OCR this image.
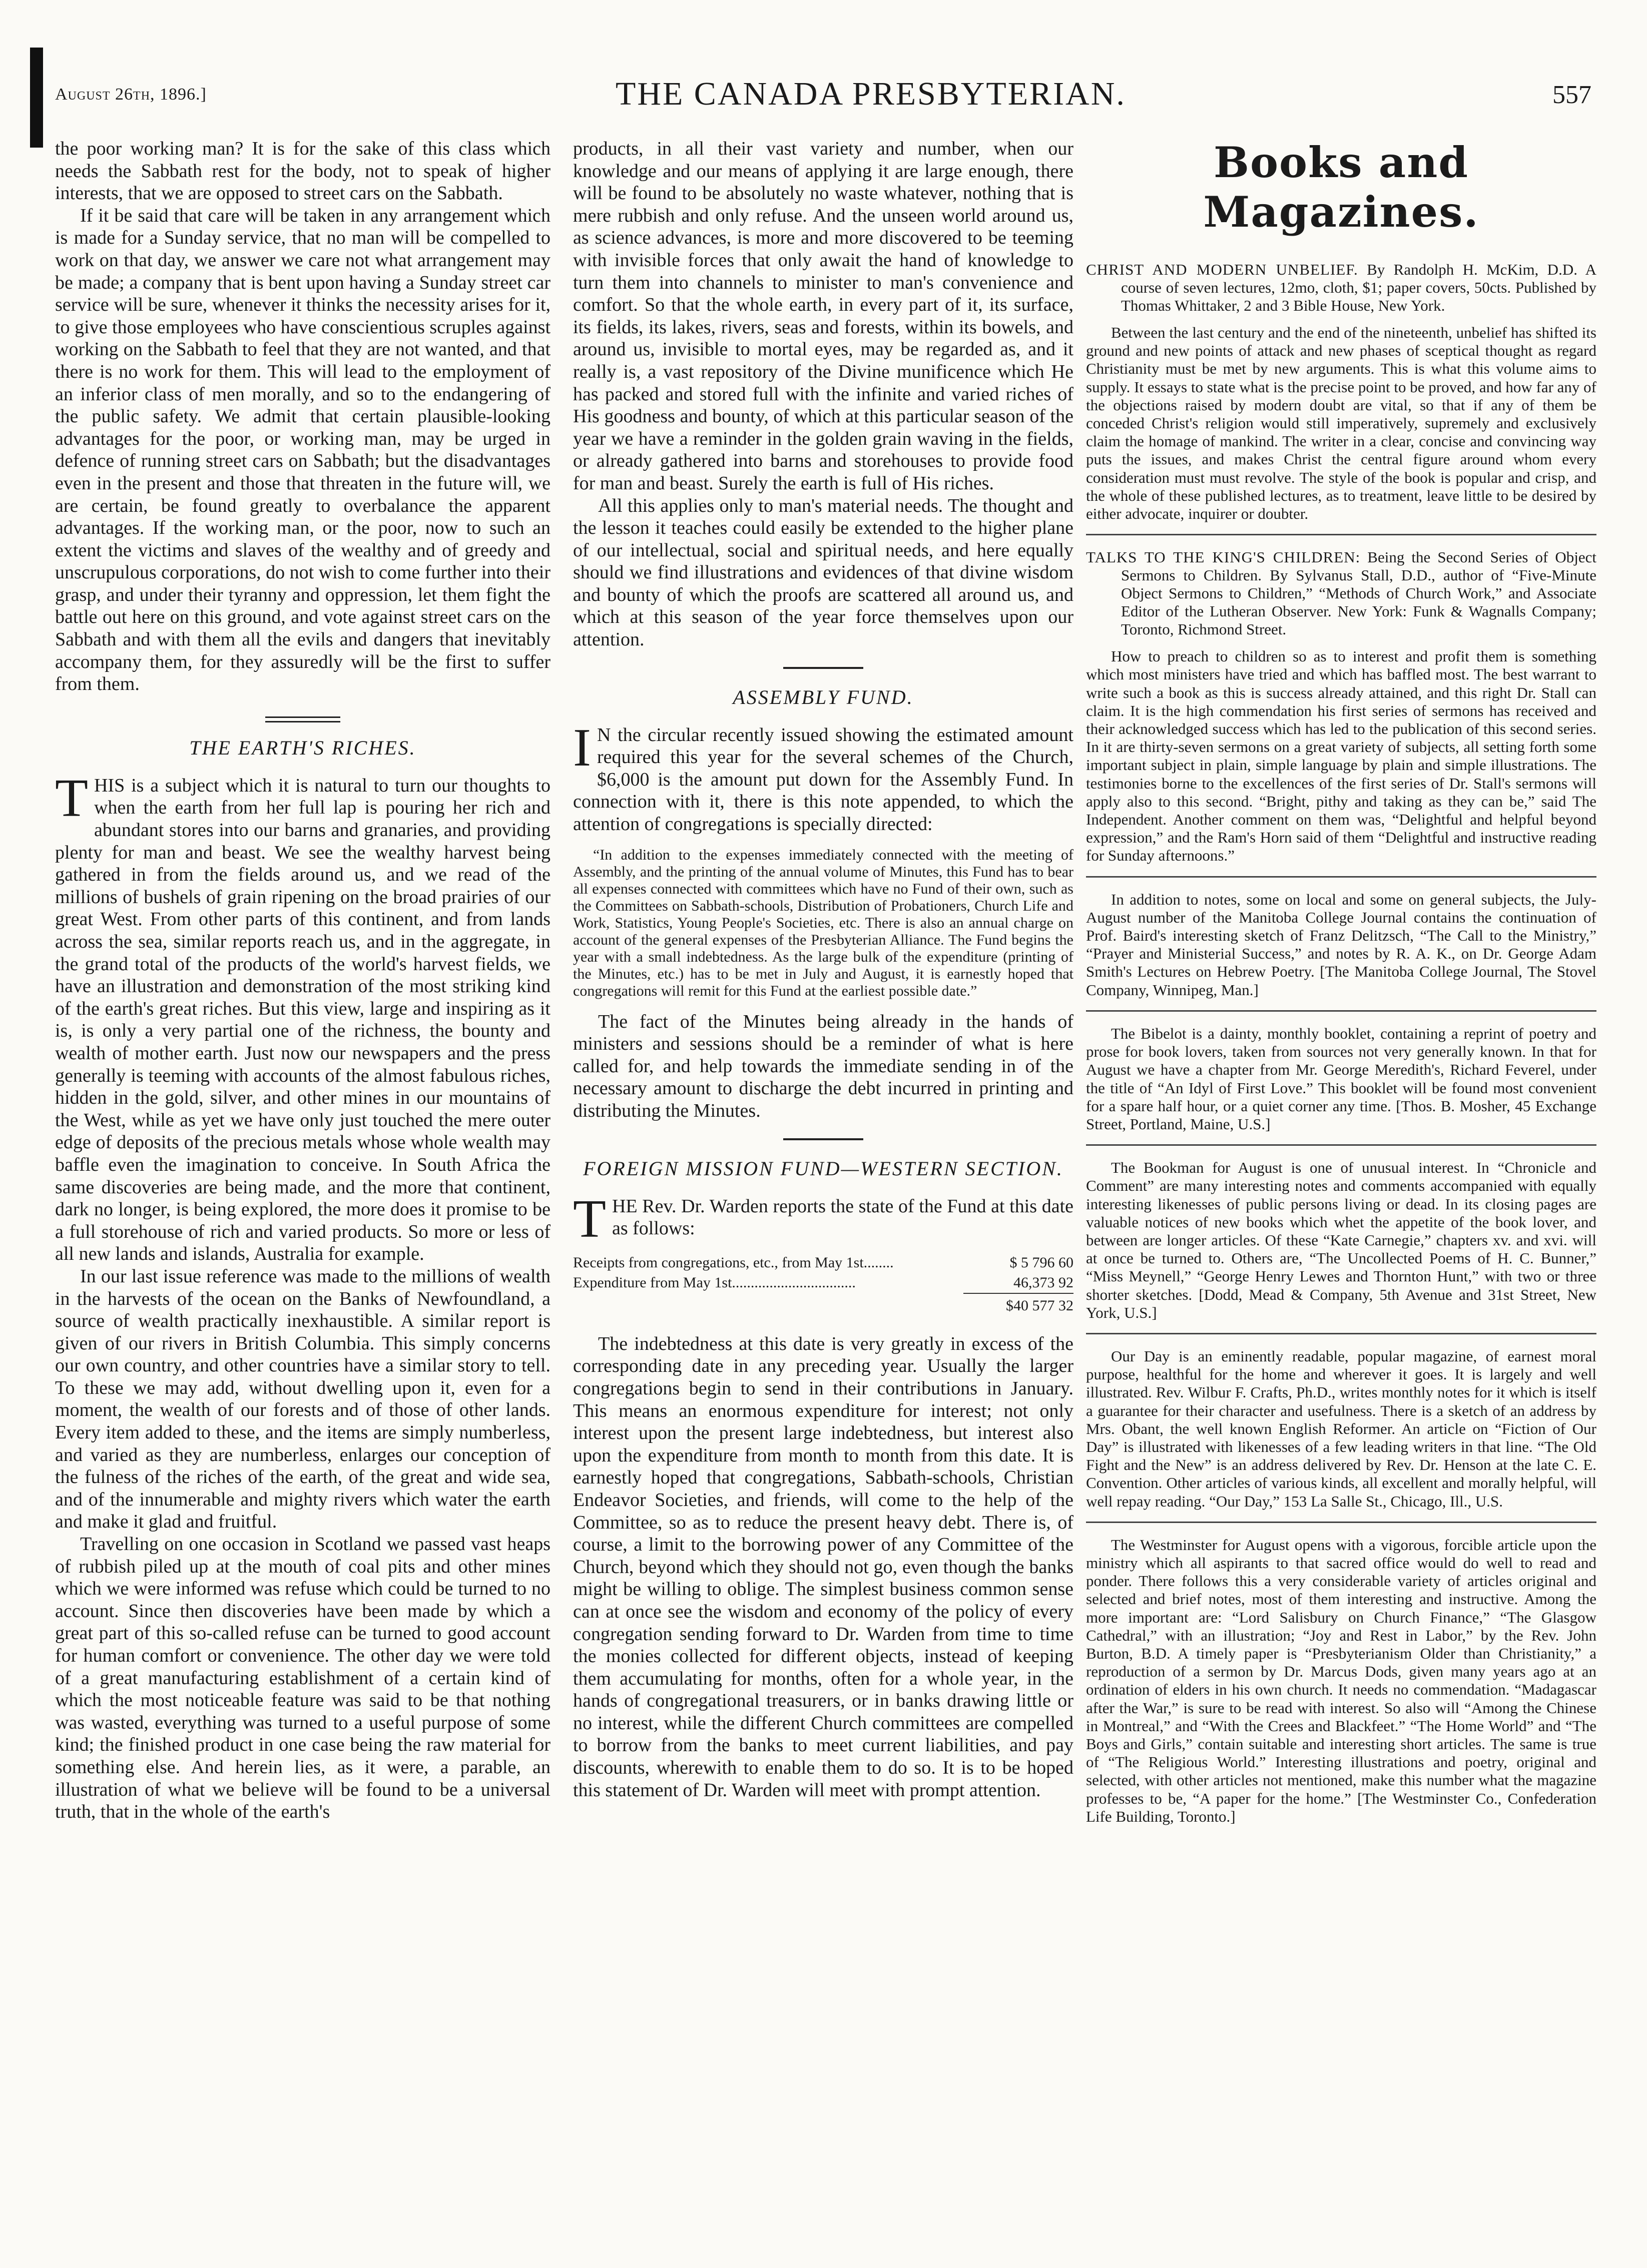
August 26th, 1896.]	THE CANADA PRESBYTERIAN.	557

the poor working man? It is for the sake of this class which needs the Sabbath rest for the body, not to speak of higher interests, that we are opposed to street cars on the Sabbath.

If it be said that care will be taken in any arrangement which is made for a Sunday service, that no man will be compelled to work on that day, we answer we care not what arrangement may be made; a company that is bent upon having a Sunday street car service will be sure, whenever it thinks the necessity arises for it, to give those employees who have conscientious scruples against working on the Sabbath to feel that they are not wanted, and that there is no work for them. This will lead to the employment of an inferior class of men morally, and so to the endangering of the public safety. We admit that certain plausible-looking advantages for the poor, or working man, may be urged in defence of running street cars on Sabbath; but the disadvantages even in the present and those that threaten in the future will, we are certain, be found greatly to overbalance the apparent advantages. If the working man, or the poor, now to such an extent the victims and slaves of the wealthy and of greedy and unscrupulous corporations, do not wish to come further into their grasp, and under their tyranny and oppression, let them fight the battle out here on this ground, and vote against street cars on the Sabbath and with them all the evils and dangers that inevitably accompany them, for they assuredly will be the first to suffer from them.

THE EARTH'S RICHES.

THIS is a subject which it is natural to turn our thoughts to when the earth from her full lap is pouring her rich and abundant stores into our barns and granaries, and providing plenty for man and beast. We see the wealthy harvest being gathered in from the fields around us, and we read of the millions of bushels of grain ripening on the broad prairies of our great West. From other parts of this continent, and from lands across the sea, similar reports reach us, and in the aggregate, in the grand total of the products of the world's harvest fields, we have an illustration and demonstration of the most striking kind of the earth's great riches. But this view, large and inspiring as it is, is only a very partial one of the richness, the bounty and wealth of mother earth. Just now our newspapers and the press generally is teeming with accounts of the almost fabulous riches, hidden in the gold, silver, and other mines in our mountains of the West, while as yet we have only just touched the mere outer edge of deposits of the precious metals whose whole wealth may baffle even the imagination to conceive. In South Africa the same discoveries are being made, and the more that continent, dark no longer, is being explored, the more does it promise to be a full storehouse of rich and varied products. So more or less of all new lands and islands, Australia for example.

In our last issue reference was made to the millions of wealth in the harvests of the ocean on the Banks of Newfoundland, a source of wealth practically inexhaustible. A similar report is given of our rivers in British Columbia. This simply concerns our own country, and other countries have a similar story to tell. To these we may add, without dwelling upon it, even for a moment, the wealth of our forests and of those of other lands. Every item added to these, and the items are simply numberless, and varied as they are numberless, enlarges our conception of the fulness of the riches of the earth, of the great and wide sea, and of the innumerable and mighty rivers which water the earth and make it glad and fruitful.

Travelling on one occasion in Scotland we passed vast heaps of rubbish piled up at the mouth of coal pits and other mines which we were informed was refuse which could be turned to no account. Since then discoveries have been made by which a great part of this so-called refuse can be turned to good account for human comfort or convenience. The other day we were told of a great manufacturing establishment of a certain kind of which the most noticeable feature was said to be that nothing was wasted, everything was turned to a useful purpose of some kind; the finished product in one case being the raw material for something else. And herein lies, as it were, a parable, an illustration of what we believe will be found to be a universal truth, that in the whole of the earth's

products, in all their vast variety and number, when our knowledge and our means of applying it are large enough, there will be found to be absolutely no waste whatever, nothing that is mere rubbish and only refuse. And the unseen world around us, as science advances, is more and more discovered to be teeming with invisible forces that only await the hand of knowledge to turn them into channels to minister to man's convenience and comfort. So that the whole earth, in every part of it, its surface, its fields, its lakes, rivers, seas and forests, within its bowels, and around us, invisible to mortal eyes, may be regarded as, and it really is, a vast repository of the Divine munificence which He has packed and stored full with the infinite and varied riches of His goodness and bounty, of which at this particular season of the year we have a reminder in the golden grain waving in the fields, or already gathered into barns and storehouses to provide food for man and beast. Surely the earth is full of His riches.

All this applies only to man's material needs. The thought and the lesson it teaches could easily be extended to the higher plane of our intellectual, social and spiritual needs, and here equally should we find illustrations and evidences of that divine wisdom and bounty of which the proofs are scattered all around us, and which at this season of the year force themselves upon our attention.

ASSEMBLY FUND.

I N the circular recently issued showing the estimated amount required this year for the several schemes of the Church, $6,000 is the amount put down for the Assembly Fund. In connection with it, there is this note appended, to which the attention of congregations is specially directed:

“In addition to the expenses immediately connected with the meeting of Assembly, and the printing of the annual volume of Minutes, this Fund has to bear all expenses connected with committees which have no Fund of their own, such as the Committees on Sabbath-schools, Distribution of Probationers, Church Life and Work, Statistics, Young People's Societies, etc. There is also an annual charge on account of the general expenses of the Presbyterian Alliance. The Fund begins the year with a small indebtedness. As the large bulk of the expenditure (printing of the Minutes, etc.) has to be met in July and August, it is earnestly hoped that congregations will remit for this Fund at the earliest possible date.”

The fact of the Minutes being already in the hands of ministers and sessions should be a reminder of what is here called for, and help towards the immediate sending in of the necessary amount to discharge the debt incurred in printing and distributing the Minutes.

FOREIGN MISSION FUND—WESTERN SECTION.

THE Rev. Dr. Warden reports the state of the Fund at this date as follows:

Receipts from congregations, etc., from May 1st........	$ 5 796 60
Expenditure from May 1st.................................	46,373 92
$40 577 32

The indebtedness at this date is very greatly in excess of the corresponding date in any preceding year. Usually the larger congregations begin to send in their contributions in January. This means an enormous expenditure for interest; not only interest upon the present large indebtedness, but interest also upon the expenditure from month to month from this date. It is earnestly hoped that congregations, Sabbath-schools, Christian Endeavor Societies, and friends, will come to the help of the Committee, so as to reduce the present heavy debt. There is, of course, a limit to the borrowing power of any Committee of the Church, beyond which they should not go, even though the banks might be willing to oblige. The simplest business common sense can at once see the wisdom and economy of the policy of every congregation sending forward to Dr. Warden from time to time the monies collected for different objects, instead of keeping them accumulating for months, often for a whole year, in the hands of congregational treasurers, or in banks drawing little or no interest, while the different Church committees are compelled to borrow from the banks to meet current liabilities, and pay discounts, wherewith to enable them to do so. It is to be hoped this statement of Dr. Warden will meet with prompt attention.

Books and Magazines.

CHRIST AND MODERN UNBELIEF. By Randolph H. McKim, D.D. A course of seven lectures, 12mo, cloth, $1; paper covers, 50cts. Published by Thomas Whittaker, 2 and 3 Bible House, New York.

Between the last century and the end of the nineteenth, unbelief has shifted its ground and new points of attack and new phases of sceptical thought as regard Christianity must be met by new arguments. This is what this volume aims to supply. It essays to state what is the precise point to be proved, and how far any of the objections raised by modern doubt are vital, so that if any of them be conceded Christ's religion would still imperatively, supremely and exclusively claim the homage of mankind. The writer in a clear, concise and convincing way puts the issues, and makes Christ the central figure around whom every consideration must must revolve. The style of the book is popular and crisp, and the whole of these published lectures, as to treatment, leave little to be desired by either advocate, inquirer or doubter.

TALKS TO THE KING'S CHILDREN: Being the Second Series of Object Sermons to Children. By Sylvanus Stall, D.D., author of “Five-Minute Object Sermons to Children,” “Methods of Church Work,” and Associate Editor of the Lutheran Observer. New York: Funk & Wagnalls Company; Toronto, Richmond Street.

How to preach to children so as to interest and profit them is something which most ministers have tried and which has baffled most. The best warrant to write such a book as this is success already attained, and this right Dr. Stall can claim. It is the high commendation his first series of sermons has received and their acknowledged success which has led to the publication of this second series. In it are thirty-seven sermons on a great variety of subjects, all setting forth some important subject in plain, simple language by plain and simple illustrations. The testimonies borne to the excellences of the first series of Dr. Stall's sermons will apply also to this second. “Bright, pithy and taking as they can be,” said The Independent. Another comment on them was, “Delightful and helpful beyond expression,” and the Ram's Horn said of them “Delightful and instructive reading for Sunday afternoons.”

In addition to notes, some on local and some on general subjects, the July-August number of the Manitoba College Journal contains the continuation of Prof. Baird's interesting sketch of Franz Delitzsch, “The Call to the Ministry,” “Prayer and Ministerial Success,” and notes by R. A. K., on Dr. George Adam Smith's Lectures on Hebrew Poetry. [The Manitoba College Journal, The Stovel Company, Winnipeg, Man.]

The Bibelot is a dainty, monthly booklet, containing a reprint of poetry and prose for book lovers, taken from sources not very generally known. In that for August we have a chapter from Mr. George Meredith's, Richard Feverel, under the title of “An Idyl of First Love.” This booklet will be found most convenient for a spare half hour, or a quiet corner any time. [Thos. B. Mosher, 45 Exchange Street, Portland, Maine, U.S.]

The Bookman for August is one of unusual interest. In “Chronicle and Comment” are many interesting notes and comments accompanied with equally interesting likenesses of public persons living or dead. In its closing pages are valuable notices of new books which whet the appetite of the book lover, and between are longer articles. Of these “Kate Carnegie,” chapters xv. and xvi. will at once be turned to. Others are, “The Uncollected Poems of H. C. Bunner,” “Miss Meynell,” “George Henry Lewes and Thornton Hunt,” with two or three shorter sketches. [Dodd, Mead & Company, 5th Avenue and 31st Street, New York, U.S.]

Our Day is an eminently readable, popular magazine, of earnest moral purpose, healthful for the home and wherever it goes. It is largely and well illustrated. Rev. Wilbur F. Crafts, Ph.D., writes monthly notes for it which is itself a guarantee for their character and usefulness. There is a sketch of an address by Mrs. Obant, the well known English Reformer. An article on “Fiction of Our Day” is illustrated with likenesses of a few leading writers in that line. “The Old Fight and the New” is an address delivered by Rev. Dr. Henson at the late C. E. Convention. Other articles of various kinds, all excellent and morally helpful, will well repay reading. “Our Day,” 153 La Salle St., Chicago, Ill., U.S.

The Westminster for August opens with a vigorous, forcible article upon the ministry which all aspirants to that sacred office would do well to read and ponder. There follows this a very considerable variety of articles original and selected and brief notes, most of them interesting and instructive. Among the more important are: “Lord Salisbury on Church Finance,” “The Glasgow Cathedral,” with an illustration; “Joy and Rest in Labor,” by the Rev. John Burton, B.D. A timely paper is “Presbyterianism Older than Christianity,” a reproduction of a sermon by Dr. Marcus Dods, given many years ago at an ordination of elders in his own church. It needs no commendation. “Madagascar after the War,” is sure to be read with interest. So also will “Among the Chinese in Montreal,” and “With the Crees and Blackfeet.” “The Home World” and “The Boys and Girls,” contain suitable and interesting short articles. The same is true of “The Religious World.” Interesting illustrations and poetry, original and selected, with other articles not mentioned, make this number what the magazine professes to be, “A paper for the home.” [The Westminster Co., Confederation Life Building, Toronto.]
